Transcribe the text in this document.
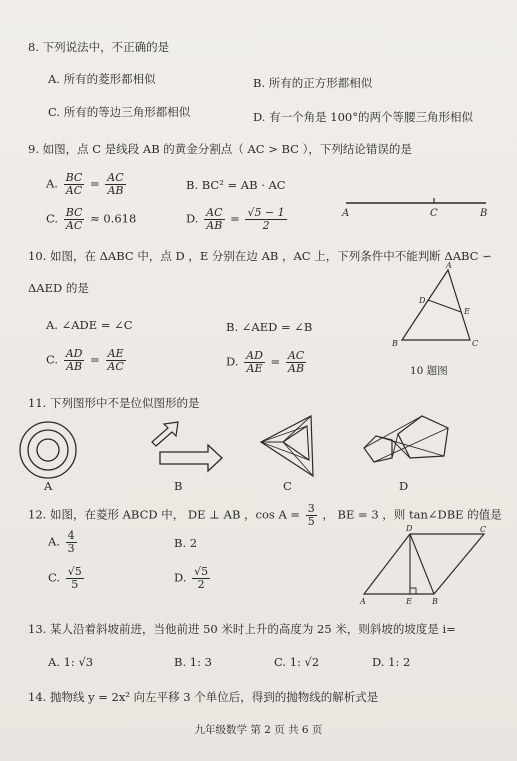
8. 下列说法中，不正确的是
A. 所有的菱形都相似	B. 所有的正方形都相似
C. 所有的等边三角形都相似	D. 有一个角是 100°的两个等腰三角形相似
9. 如图，点 C 是线段 AB 的黄金分割点（ AC > BC ），下列结论错误的是
A. $\frac{BC}{AC} = \frac{AC}{AB}$	B. BC² = AB · AC
C. $\frac{BC}{AC} \approx 0.618$	D. $\frac{AC}{AB} = \frac{√5 - 1}{2}$	A	C	B
10. 如图，在 ΔABC 中，点 D ，E 分别在边 AB ，AC 上，下列条件中不能判断 ΔABC ∽
ΔAED 的是
A. ∠ADE = ∠C	B. ∠AED = ∠B
C. $\frac{AD}{AB} = \frac{AE}{AC}$	D. $\frac{AD}{AE} = \frac{AC}{AB}$
A
D
E
B	C
10 题图
11. 下列图形中不是位似图形的是
A	B	C	D
12. 如图，在菱形 ABCD 中， DE ⊥ AB ，$\cos A = \frac{3}{5}$ ， BE = 3 ，则 tan∠DBE 的值是
A. $\frac{4}{3}$	B. 2
C. $\frac{√5}{5}$	D. $\frac{√5}{2}$
D	C
A	E	B
13. 某人沿着斜坡前进，当他前进 50 米时上升的高度为 25 米，则斜坡的坡度是 i=
A. 1: √3	B. 1: 3	C. 1: √2	D. 1: 2
14. 抛物线 y = 2x² 向左平移 3 个单位后，得到的抛物线的解析式是
九年级数学 第 2 页 共 6 页
